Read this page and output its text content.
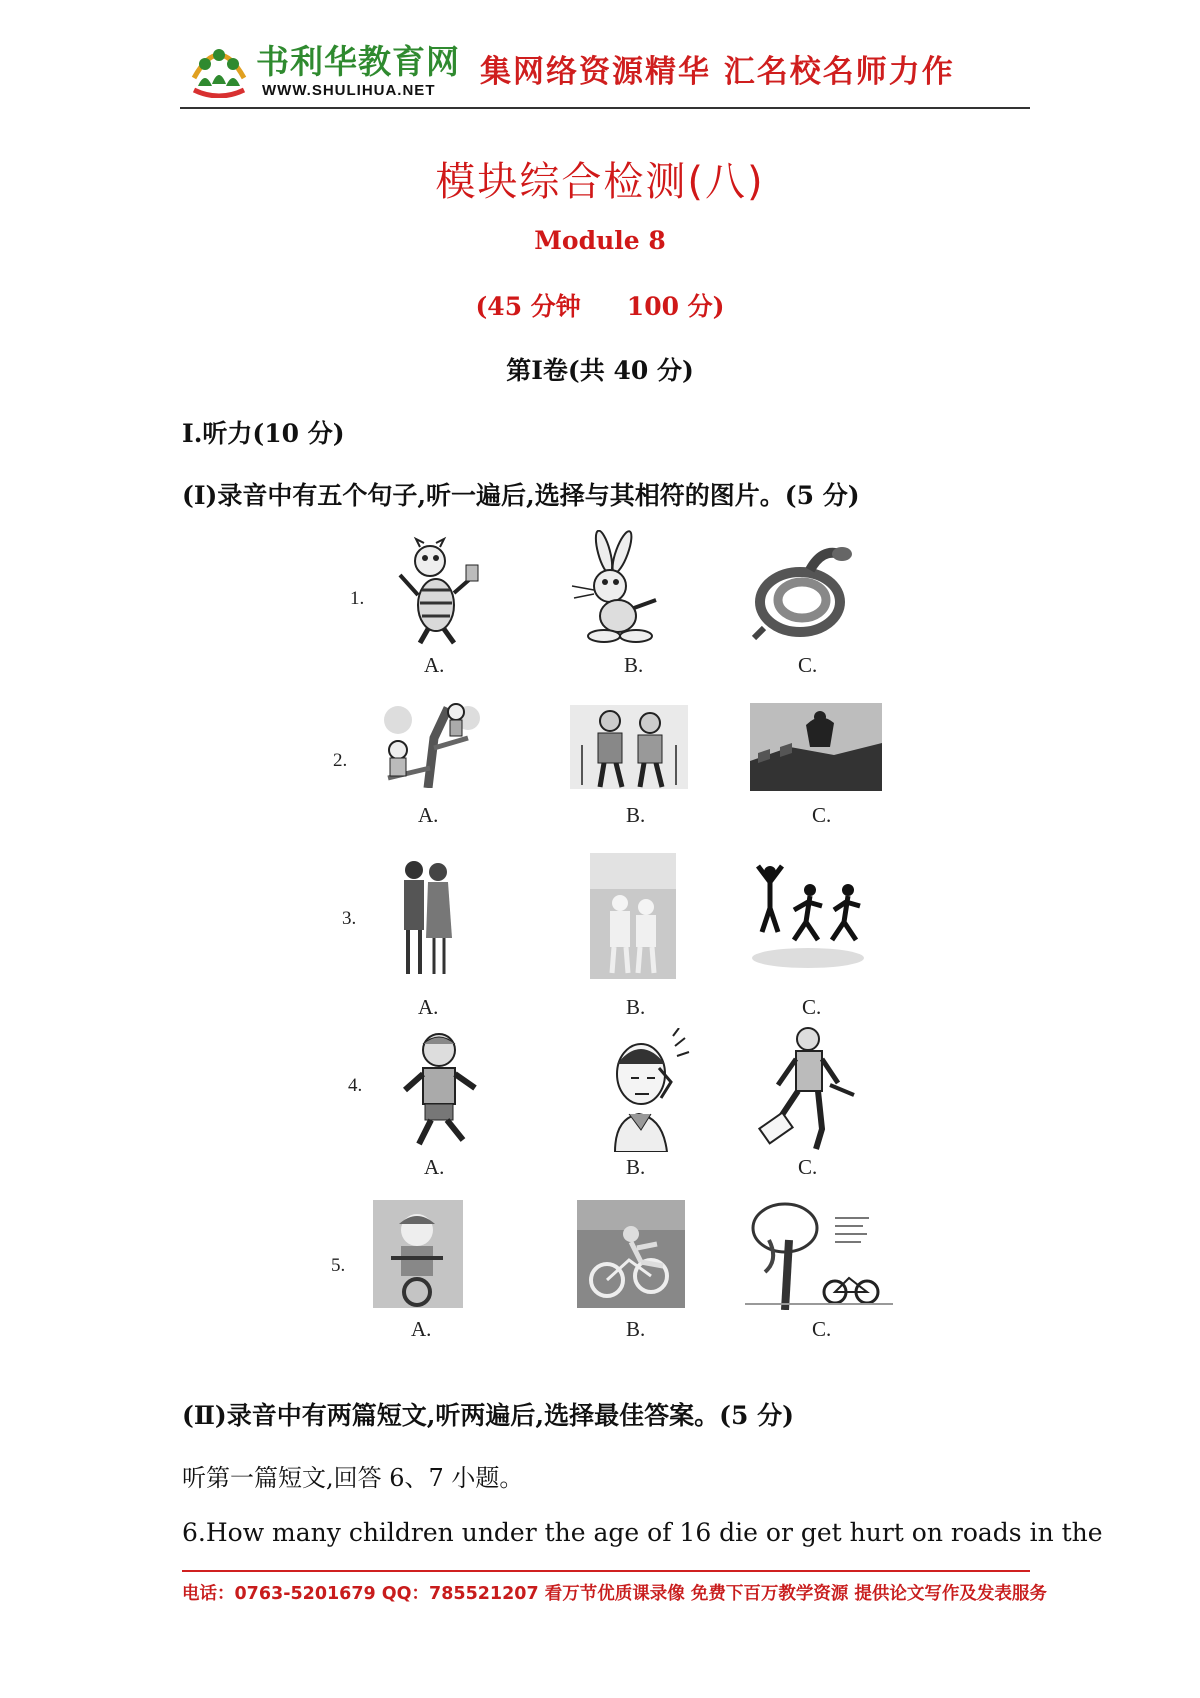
书利华教育网
WWW.SHULIHUA.NET
集网络资源精华 汇名校名师力作
模块综合检测(八)
Module 8
(45 分钟 100 分)
第Ⅰ卷(共 40 分)
Ⅰ.听力(10 分)
(Ⅰ)录音中有五个句子,听一遍后,选择与其相符的图片。(5 分)
1.
A.	B.	C.
2.
A.	B.	C.
3.
A.	B.	C.
4.
A.	B.	C.
5.
A.	B.	C.
(Ⅱ)录音中有两篇短文,听两遍后,选择最佳答案。(5 分)
听第一篇短文,回答 6、7 小题。
6.How many children under the age of 16 die or get hurt on roads in the
电话：0763-5201679 QQ：785521207 看万节优质课录像 免费下百万教学资源 提供论文写作及发表服务
